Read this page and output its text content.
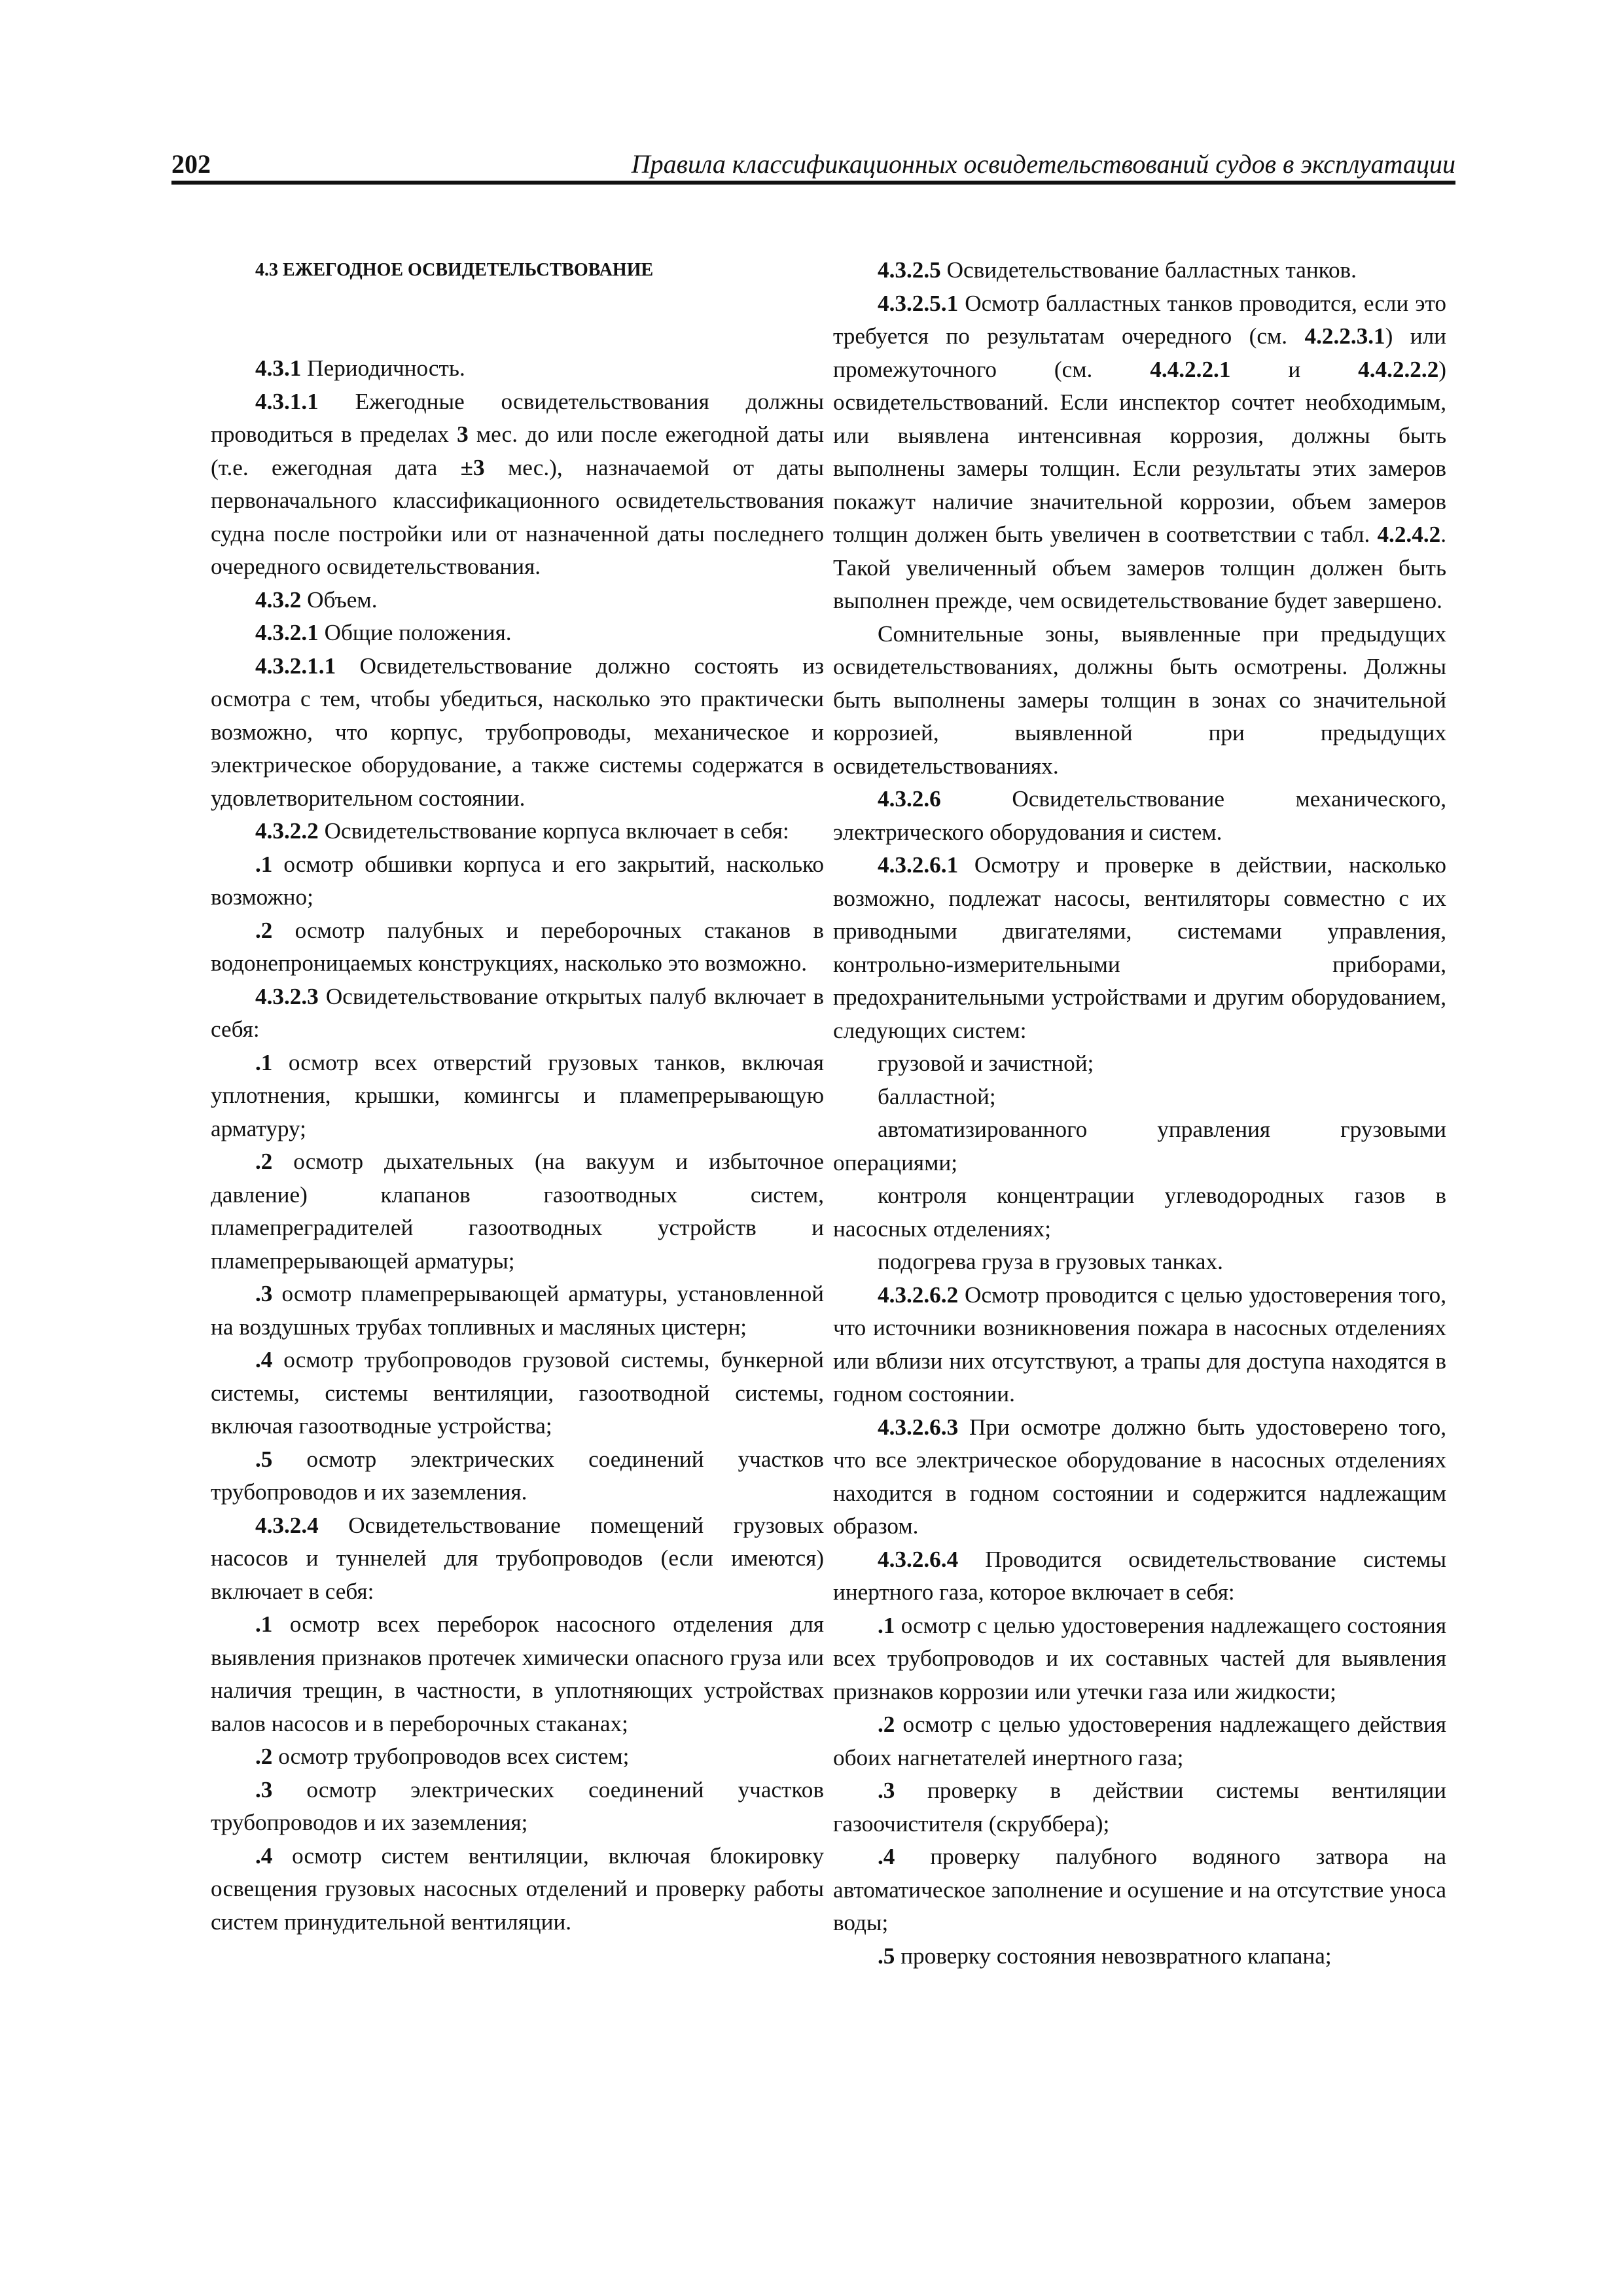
202	Правила классификационных освидетельствований судов в эксплуатации

4.3 ЕЖЕГОДНОЕ ОСВИДЕТЕЛЬСТВОВАНИЕ

4.3.1 Периодичность.

4.3.1.1 Ежегодные освидетельствования должны проводиться в пределах 3 мес. до или после ежегодной даты (т.е. ежегодная дата ±3 мес.), назначаемой от даты первоначального классификационного освидетельствования судна после постройки или от назначенной даты последнего очередного освидетельствования.

4.3.2 Объем.

4.3.2.1 Общие положения.

4.3.2.1.1 Освидетельствование должно состоять из осмотра с тем, чтобы убедиться, насколько это практически возможно, что корпус, трубопроводы, механическое и электрическое оборудование, а также системы содержатся в удовлетворительном состоянии.

4.3.2.2 Освидетельствование корпуса включает в себя:

.1 осмотр обшивки корпуса и его закрытий, насколько возможно;

.2 осмотр палубных и переборочных стаканов в водонепроницаемых конструкциях, насколько это возможно.

4.3.2.3 Освидетельствование открытых палуб включает в себя:

.1 осмотр всех отверстий грузовых танков, включая уплотнения, крышки, комингсы и пламепрерывающую арматуру;

.2 осмотр дыхательных (на вакуум и избыточное давление) клапанов газоотводных систем, пламепреградителей газоотводных устройств и пламепрерывающей арматуры;

.3 осмотр пламепрерывающей арматуры, установленной на воздушных трубах топливных и масляных цистерн;

.4 осмотр трубопроводов грузовой системы, бункерной системы, системы вентиляции, газоотводной системы, включая газоотводные устройства;

.5 осмотр электрических соединений участков трубопроводов и их заземления.

4.3.2.4 Освидетельствование помещений грузовых насосов и туннелей для трубопроводов (если имеются) включает в себя:

.1 осмотр всех переборок насосного отделения для выявления признаков протечек химически опасного груза или наличия трещин, в частности, в уплотняющих устройствах валов насосов и в переборочных стаканах;

.2 осмотр трубопроводов всех систем;

.3 осмотр электрических соединений участков трубопроводов и их заземления;

.4 осмотр систем вентиляции, включая блокировку освещения грузовых насосных отделений и проверку работы систем принудительной вентиляции.

4.3.2.5 Освидетельствование балластных танков.

4.3.2.5.1 Осмотр балластных танков проводится, если это требуется по результатам очередного (см. 4.2.2.3.1) или промежуточного (см. 4.4.2.2.1 и 4.4.2.2.2) освидетельствований. Если инспектор сочтет необходимым, или выявлена интенсивная коррозия, должны быть выполнены замеры толщин. Если результаты этих замеров покажут наличие значительной коррозии, объем замеров толщин должен быть увеличен в соответствии с табл. 4.2.4.2. Такой увеличенный объем замеров толщин должен быть выполнен прежде, чем освидетельствование будет завершено.

Сомнительные зоны, выявленные при предыдущих освидетельствованиях, должны быть осмотрены. Должны быть выполнены замеры толщин в зонах со значительной коррозией, выявленной при предыдущих освидетельствованиях.

4.3.2.6 Освидетельствование механического, электрического оборудования и систем.

4.3.2.6.1 Осмотру и проверке в действии, насколько возможно, подлежат насосы, вентиляторы совместно с их приводными двигателями, системами управления, контрольно-измерительными приборами, предохранительными устройствами и другим оборудованием, следующих систем:

грузовой и зачистной;

балластной;

автоматизированного управления грузовыми операциями;

контроля концентрации углеводородных газов в насосных отделениях;

подогрева груза в грузовых танках.

4.3.2.6.2 Осмотр проводится с целью удостоверения того, что источники возникновения пожара в насосных отделениях или вблизи них отсутствуют, а трапы для доступа находятся в годном состоянии.

4.3.2.6.3 При осмотре должно быть удостоверено того, что все электрическое оборудование в насосных отделениях находится в годном состоянии и содержится надлежащим образом.

4.3.2.6.4 Проводится освидетельствование системы инертного газа, которое включает в себя:

.1 осмотр с целью удостоверения надлежащего состояния всех трубопроводов и их составных частей для выявления признаков коррозии или утечки газа или жидкости;

.2 осмотр с целью удостоверения надлежащего действия обоих нагнетателей инертного газа;

.3 проверку в действии системы вентиляции газоочистителя (скруббера);

.4 проверку палубного водяного затвора на автоматическое заполнение и осушение и на отсутствие уноса воды;

.5 проверку состояния невозвратного клапана;
